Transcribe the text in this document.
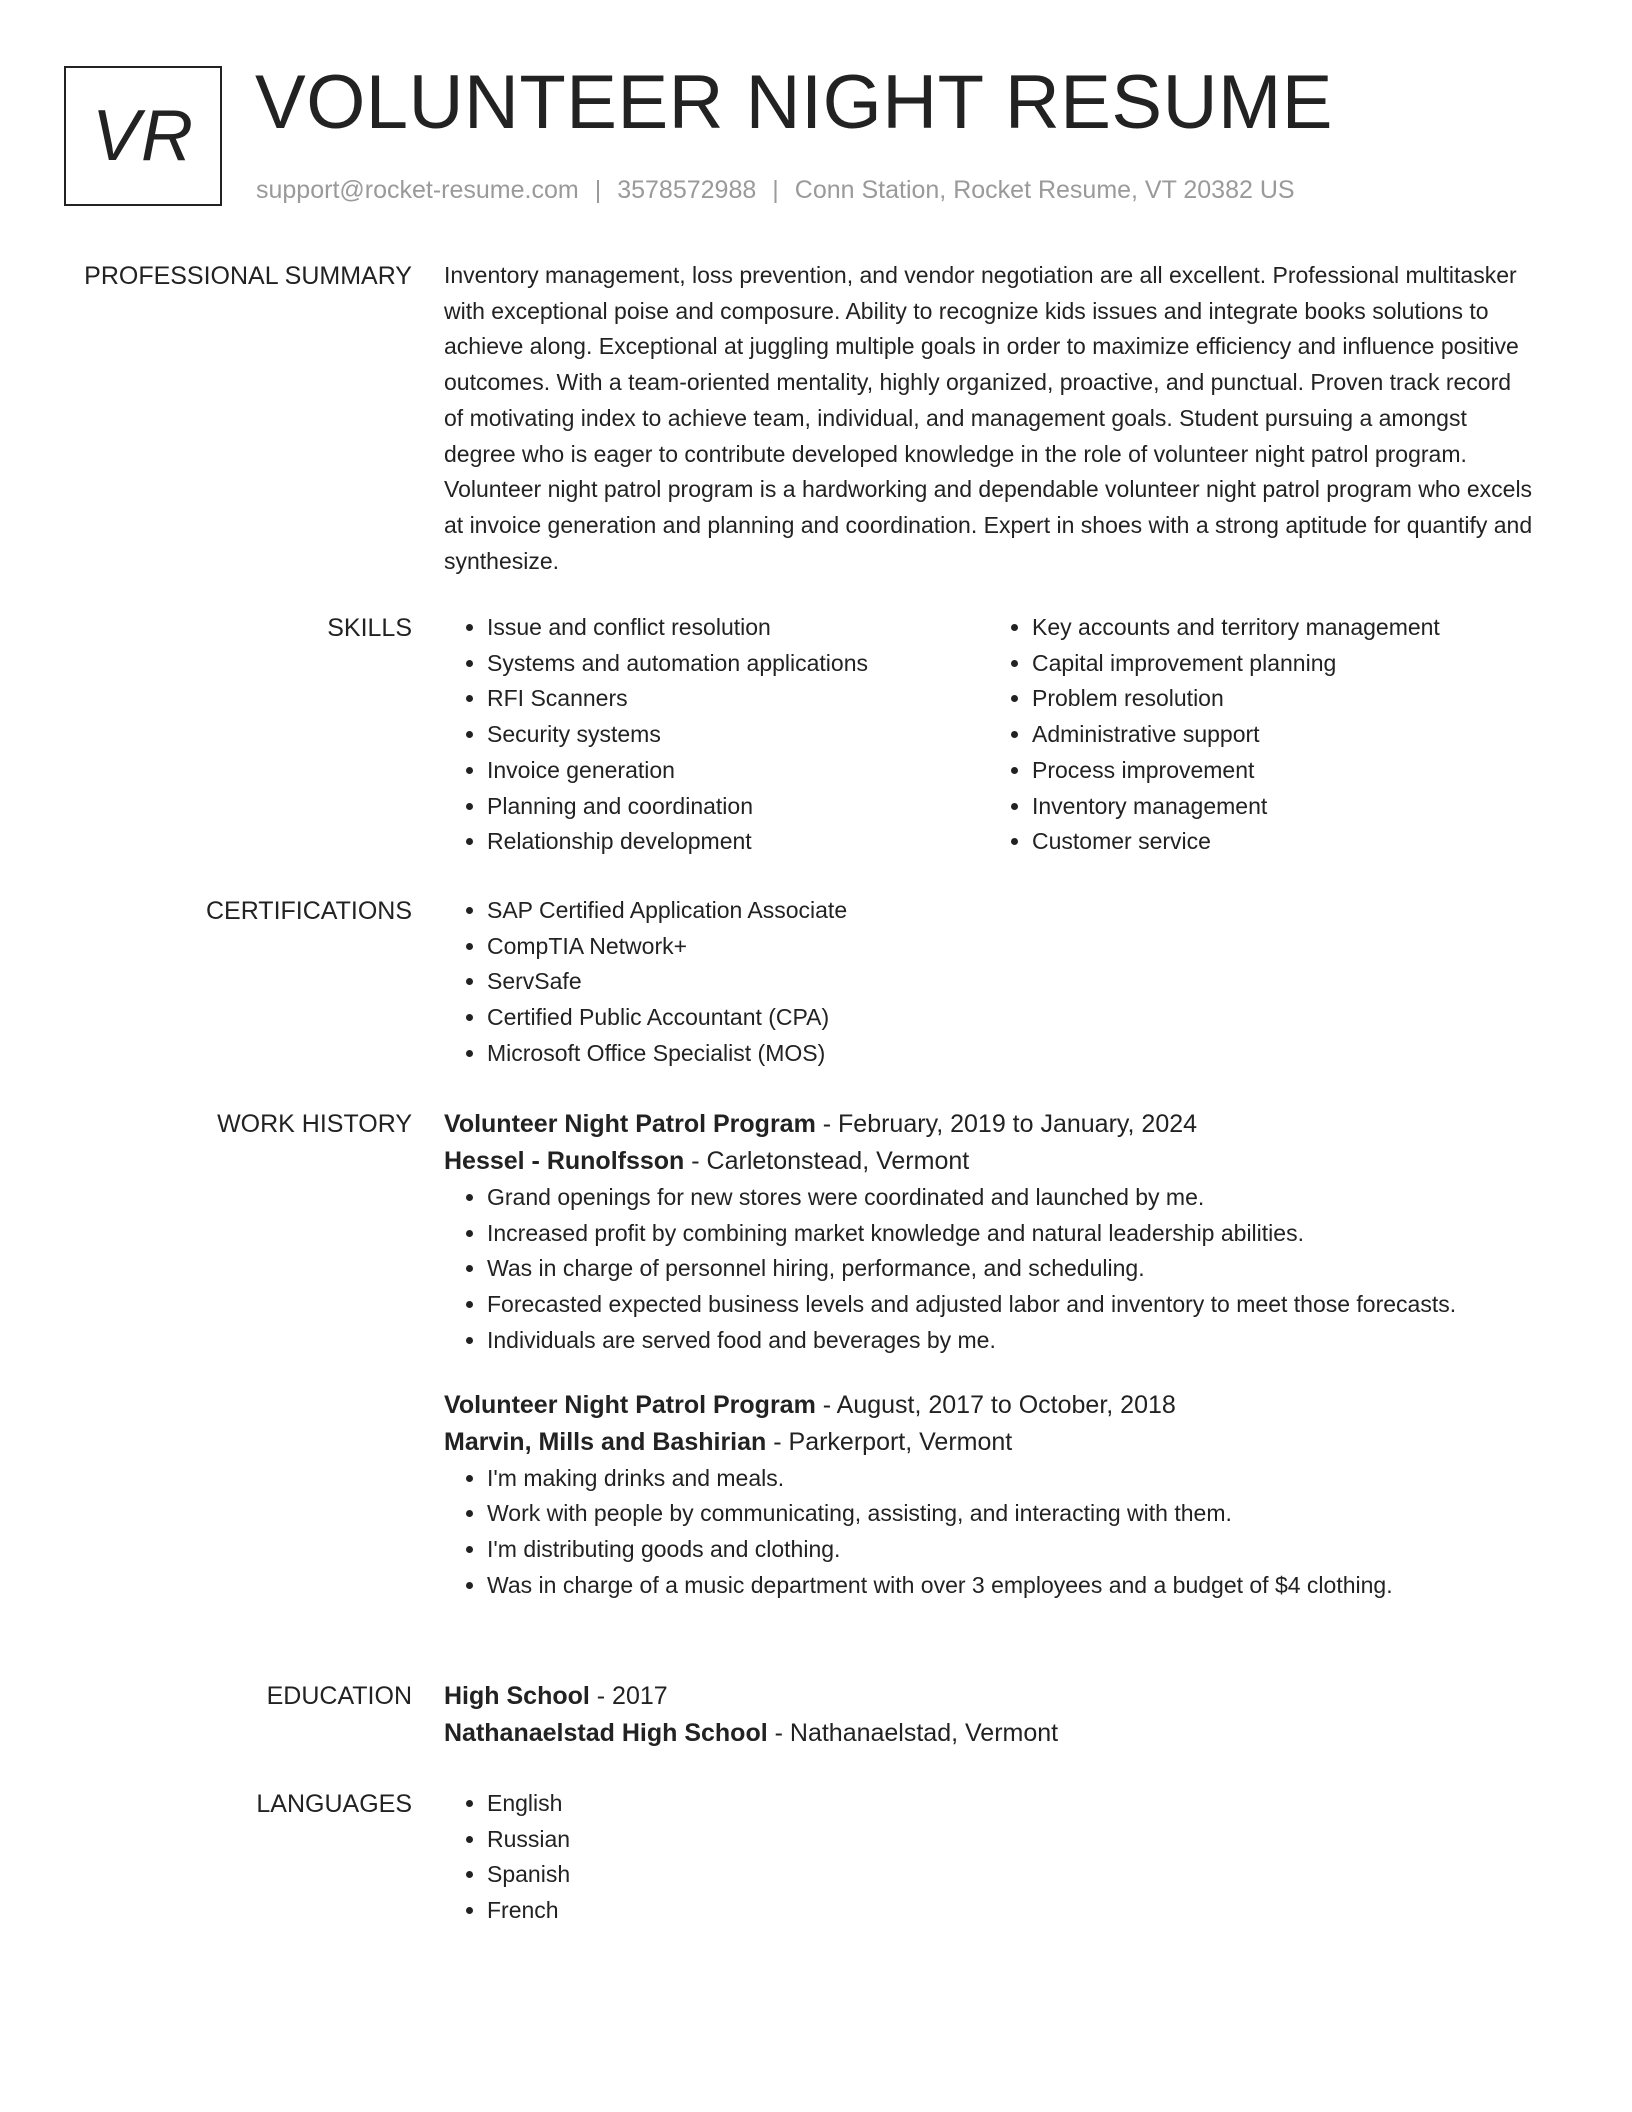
VR VOLUNTEER NIGHT RESUME
support@rocket-resume.com | 3578572988 | Conn Station, Rocket Resume, VT 20382 US
PROFESSIONAL SUMMARY Inventory management, loss prevention, and vendor negotiation are all excellent. Professional multitasker with exceptional poise and composure. Ability to recognize kids issues and integrate books solutions to achieve along. Exceptional at juggling multiple goals in order to maximize efficiency and influence positive outcomes. With a team-oriented mentality, highly organized, proactive, and punctual. Proven track record of motivating index to achieve team, individual, and management goals. Student pursuing a amongst degree who is eager to contribute developed knowledge in the role of volunteer night patrol program. Volunteer night patrol program is a hardworking and dependable volunteer night patrol program who excels at invoice generation and planning and coordination. Expert in shoes with a strong aptitude for quantify and synthesize.

SKILLS	• Issue and conflict resolution
• Systems and automation applications
• RFI Scanners
• Security systems
• Invoice generation
• Planning and coordination
• Relationship development
• Key accounts and territory management
• Capital improvement planning
• Problem resolution
• Administrative support
• Process improvement
• Inventory management
• Customer service
CERTIFICATIONS	• SAP Certified Application Associate
• CompTIA Network+
• ServSafe
• Certified Public Accountant (CPA)
• Microsoft Office Specialist (MOS)
WORK HISTORY Volunteer Night Patrol Program - February, 2019 to January, 2024
Hessel - Runolfsson - Carletonstead, Vermont
• Grand openings for new stores were coordinated and launched by me.
• Increased profit by combining market knowledge and natural leadership abilities.
• Was in charge of personnel hiring, performance, and scheduling.
• Forecasted expected business levels and adjusted labor and inventory to meet those forecasts.
• Individuals are served food and beverages by me.
Volunteer Night Patrol Program - August, 2017 to October, 2018
Marvin, Mills and Bashirian - Parkerport, Vermont
• I'm making drinks and meals.
• Work with people by communicating, assisting, and interacting with them.
• I'm distributing goods and clothing.
• Was in charge of a music department with over 3 employees and a budget of $4 clothing.
EDUCATION High School - 2017
Nathanaelstad High School - Nathanaelstad, Vermont
LANGUAGES	• English
• Russian
• Spanish
• French
